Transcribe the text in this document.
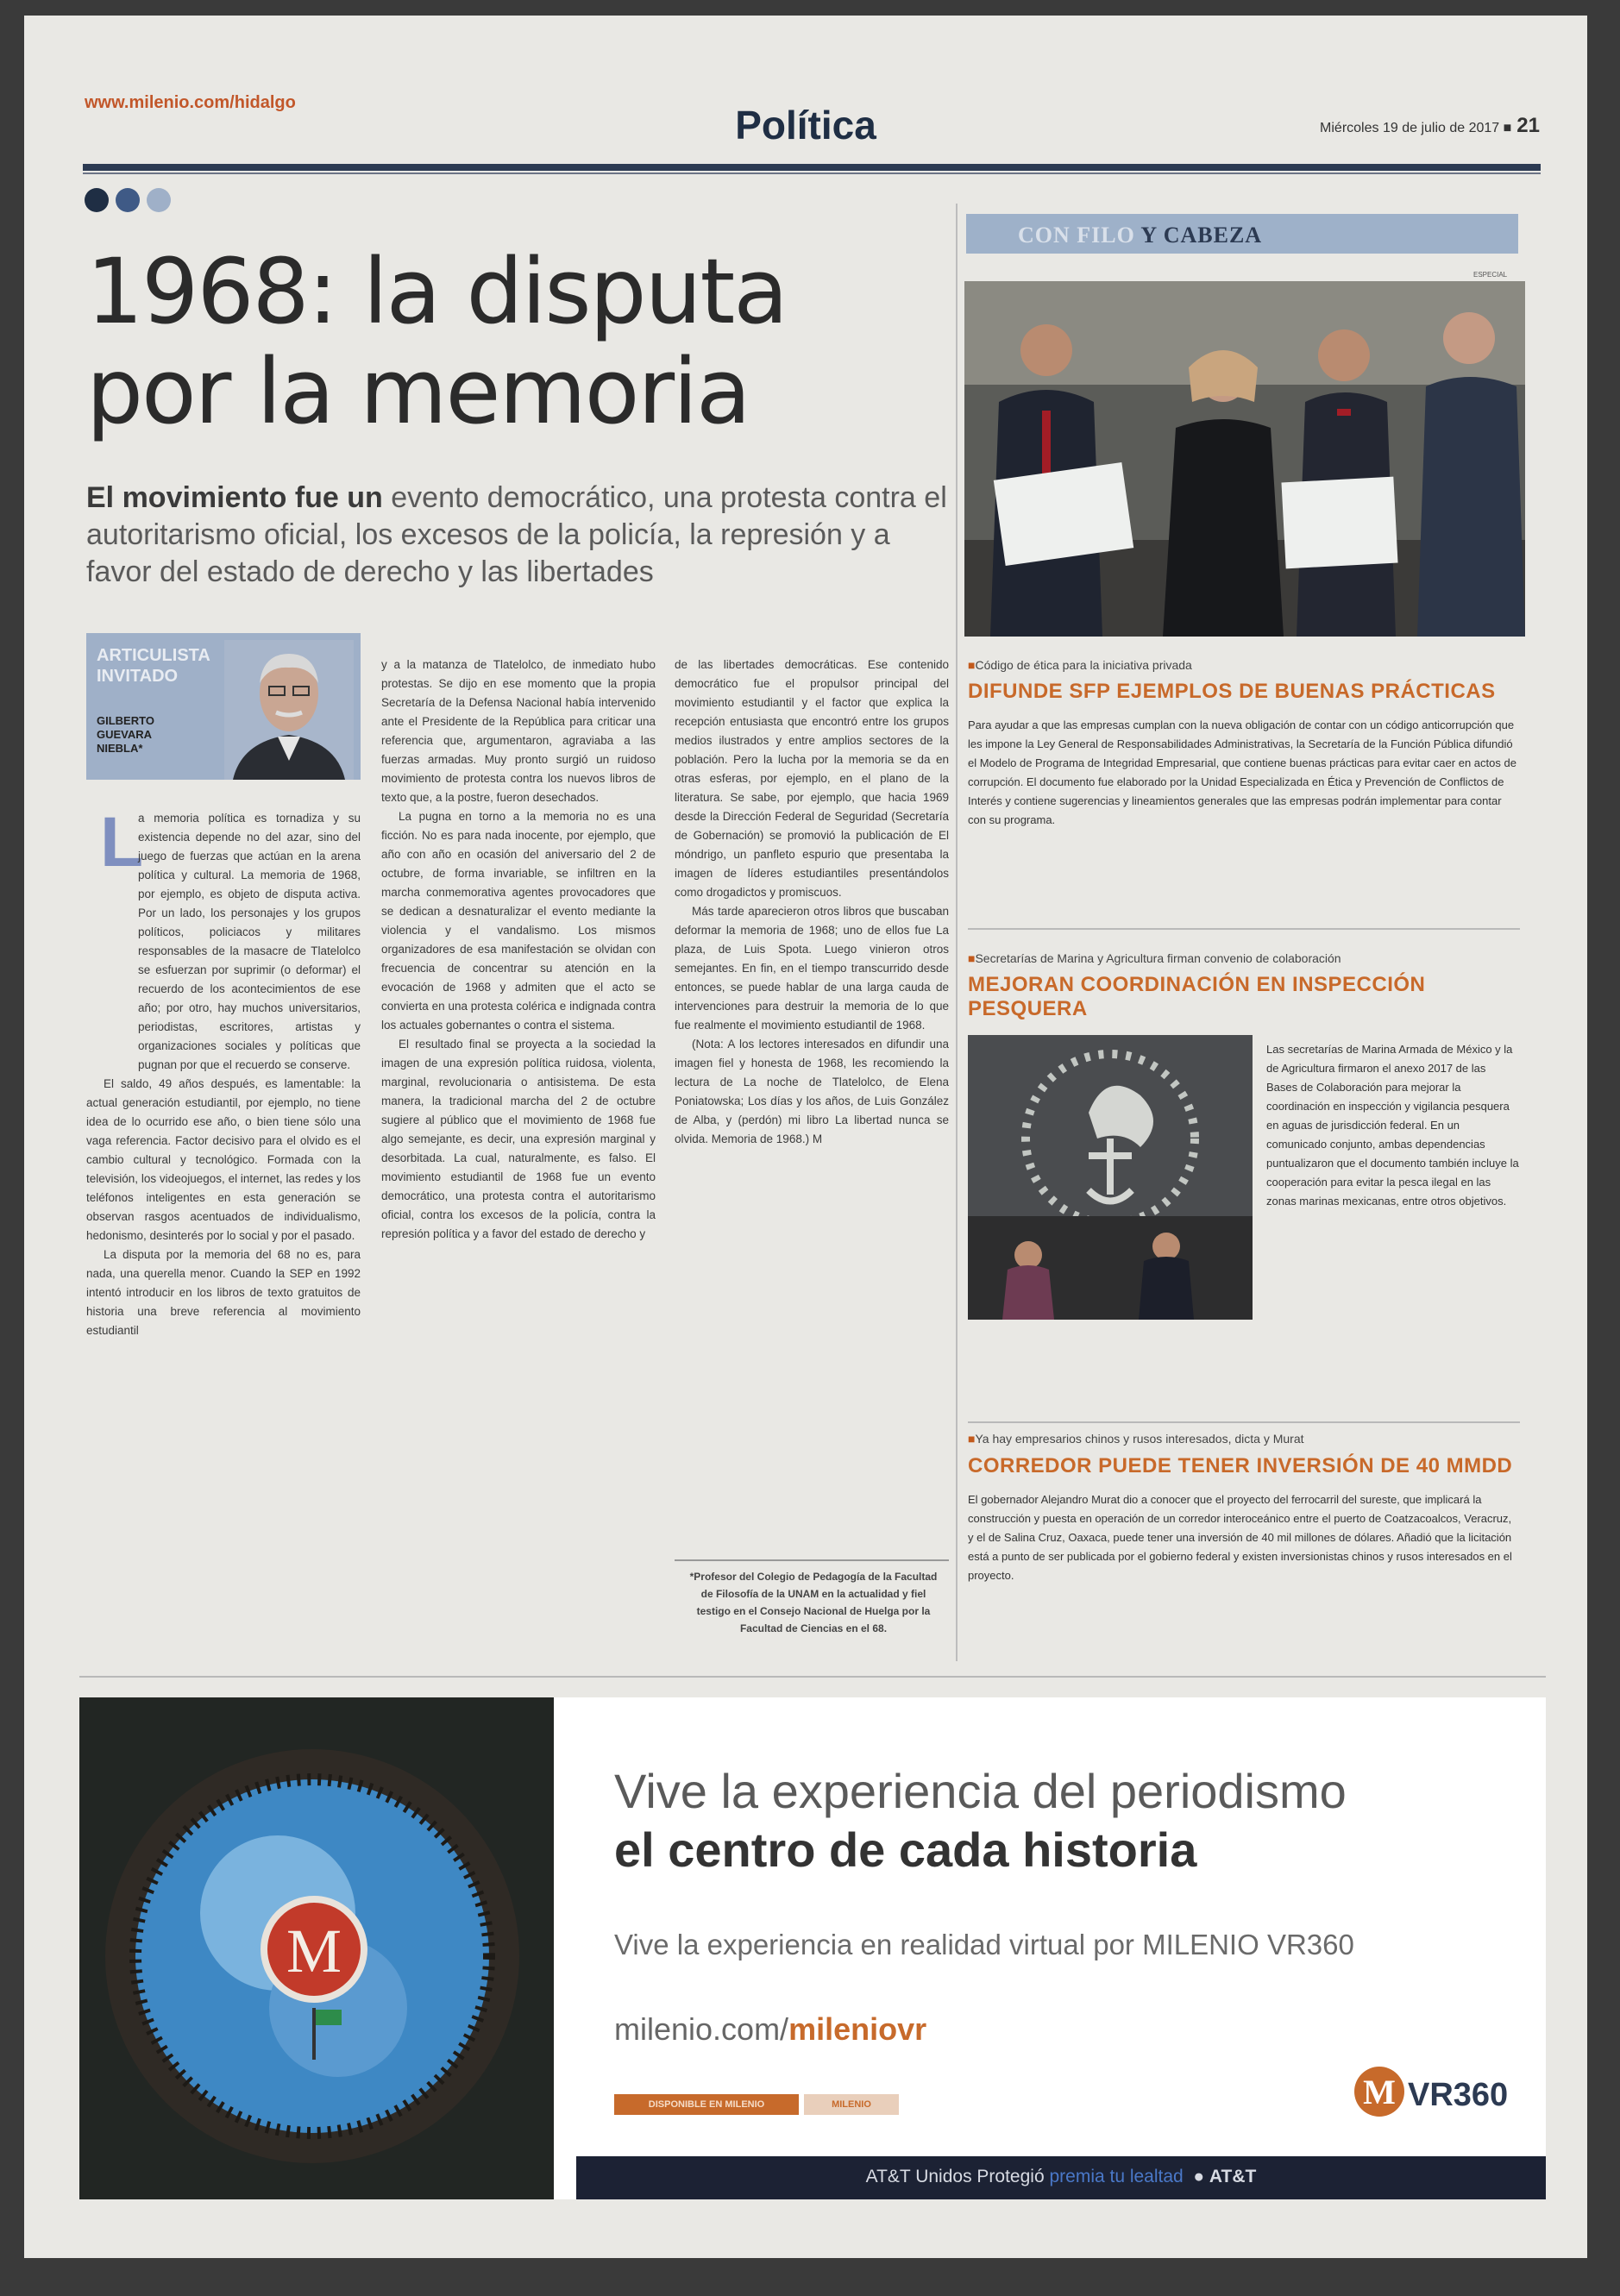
www.milenio.com/hidalgo	Política	Miércoles 19 de julio de 2017 ■ 21
1968: la disputa
por la memoria
El movimiento fue un evento democrático, una protesta contra el autoritarismo oficial, los excesos de la policía, la represión y a favor del estado de derecho y las libertades
ARTICULISTA
INVITADO
GILBERTO
GUEVARA
NIEBLA*
L

a memoria política es tornadiza y su existencia depende no del azar, sino del juego de fuerzas que actúan en la arena política y cultural. La memoria de 1968, por ejemplo, es objeto de disputa activa. Por un lado, los personajes y los grupos políticos, policiacos y militares responsables de la masacre de Tlatelolco se esfuerzan por suprimir (o deformar) el recuerdo de los acontecimientos de ese año; por otro, hay muchos universitarios, periodistas, escritores, artistas y organizaciones sociales y políticas que pugnan por que el recuerdo se conserve.

El saldo, 49 años después, es lamentable: la actual generación estudiantil, por ejemplo, no tiene idea de lo ocurrido ese año, o bien tiene sólo una vaga referencia. Factor decisivo para el olvido es el cambio cultural y tecnológico. Formada con la televisión, los videojuegos, el internet, las redes y los teléfonos inteligentes en esta generación se observan rasgos acentuados de individualismo, hedonismo, desinterés por lo social y por el pasado.

La disputa por la memoria del 68 no es, para nada, una querella menor. Cuando la SEP en 1992 intentó introducir en los libros de texto gratuitos de historia una breve referencia al movimiento estudiantil

y a la matanza de Tlatelolco, de inmediato hubo protestas. Se dijo en ese momento que la propia Secretaría de la Defensa Nacional había intervenido ante el Presidente de la República para criticar una referencia que, argumentaron, agraviaba a las fuerzas armadas. Muy pronto surgió un ruidoso movimiento de protesta contra los nuevos libros de texto que, a la postre, fueron desechados.

La pugna en torno a la memoria no es una ficción. No es para nada inocente, por ejemplo, que año con año en ocasión del aniversario del 2 de octubre, de forma invariable, se infiltren en la marcha conmemorativa agentes provocadores que se dedican a desnaturalizar el evento mediante la violencia y el vandalismo. Los mismos organizadores de esa manifestación se olvidan con frecuencia de concentrar su atención en la evocación de 1968 y admiten que el acto se convierta en una protesta colérica e indignada contra los actuales gobernantes o contra el sistema.

El resultado final se proyecta a la sociedad la imagen de una expresión política ruidosa, violenta, marginal, revolucionaria o antisistema. De esta manera, la tradicional marcha del 2 de octubre sugiere al público que el movimiento de 1968 fue algo semejante, es decir, una expresión marginal y desorbitada. La cual, naturalmente, es falso. El movimiento estudiantil de 1968 fue un evento democrático, una protesta contra el autoritarismo oficial, contra los excesos de la policía, contra la represión política y a favor del estado de derecho y

de las libertades democráticas. Ese contenido democrático fue el propulsor principal del movimiento estudiantil y el factor que explica la recepción entusiasta que encontró entre los grupos medios ilustrados y entre amplios sectores de la población. Pero la lucha por la memoria se da en otras esferas, por ejemplo, en el plano de la literatura. Se sabe, por ejemplo, que hacia 1969 desde la Dirección Federal de Seguridad (Secretaría de Gobernación) se promovió la publicación de El móndrigo, un panfleto espurio que presentaba la imagen de líderes estudiantiles presentándolos como drogadictos y promiscuos.

Más tarde aparecieron otros libros que buscaban deformar la memoria de 1968; uno de ellos fue La plaza, de Luis Spota. Luego vinieron otros semejantes. En fin, en el tiempo transcurrido desde entonces, se puede hablar de una larga cauda de intervenciones para destruir la memoria de lo que fue realmente el movimiento estudiantil de 1968.

(Nota: A los lectores interesados en difundir una imagen fiel y honesta de 1968, les recomiendo la lectura de La noche de Tlatelolco, de Elena Poniatowska; Los días y los años, de Luis González de Alba, y (perdón) mi libro La libertad nunca se olvida. Memoria de 1968.) M

*Profesor del Colegio de Pedagogía de la Facultad de Filosofía de la UNAM en la actualidad y fiel testigo en el Consejo Nacional de Huelga por la Facultad de Ciencias en el 68.
CON FILO Y CABEZA
ESPECIAL
■ Código de ética para la iniciativa privada
DIFUNDE SFP EJEMPLOS DE BUENAS PRÁCTICAS
Para ayudar a que las empresas cumplan con la nueva obligación de contar con un código anticorrupción que les impone la Ley General de Responsabilidades Administrativas, la Secretaría de la Función Pública difundió el Modelo de Programa de Integridad Empresarial, que contiene buenas prácticas para evitar caer en actos de corrupción. El documento fue elaborado por la Unidad Especializada en Ética y Prevención de Conflictos de Interés y contiene sugerencias y lineamientos generales que las empresas podrán implementar para contar con su programa.
■ Secretarías de Marina y Agricultura firman convenio de colaboración
MEJORAN COORDINACIÓN EN INSPECCIÓN PESQUERA
Las secretarías de Marina Armada de México y la de Agricultura firmaron el anexo 2017 de las Bases de Colaboración para mejorar la coordinación en inspección y vigilancia pesquera en aguas de jurisdicción federal. En un comunicado conjunto, ambas dependencias puntualizaron que el documento también incluye la cooperación para evitar la pesca ilegal en las zonas marinas mexicanas, entre otros objetivos.
■ Ya hay empresarios chinos y rusos interesados, dicta y Murat
CORREDOR PUEDE TENER INVERSIÓN DE 40 MMDD
El gobernador Alejandro Murat dio a conocer que el proyecto del ferrocarril del sureste, que implicará la construcción y puesta en operación de un corredor interoceánico entre el puerto de Coatzacoalcos, Veracruz, y el de Salina Cruz, Oaxaca, puede tener una inversión de 40 mil millones de dólares. Añadió que la licitación está a punto de ser publicada por el gobierno federal y existen inversionistas chinos y rusos interesados en el proyecto.
M
Vive la experiencia del periodismo
el centro de cada historia
Vive la experiencia en realidad virtual por MILENIO VR360
milenio.com/mileniovr
DISPONIBLE EN MILENIO	MILENIO	M VR360
AT&T Unidos Protegió premia tu lealtad  ● AT&T
